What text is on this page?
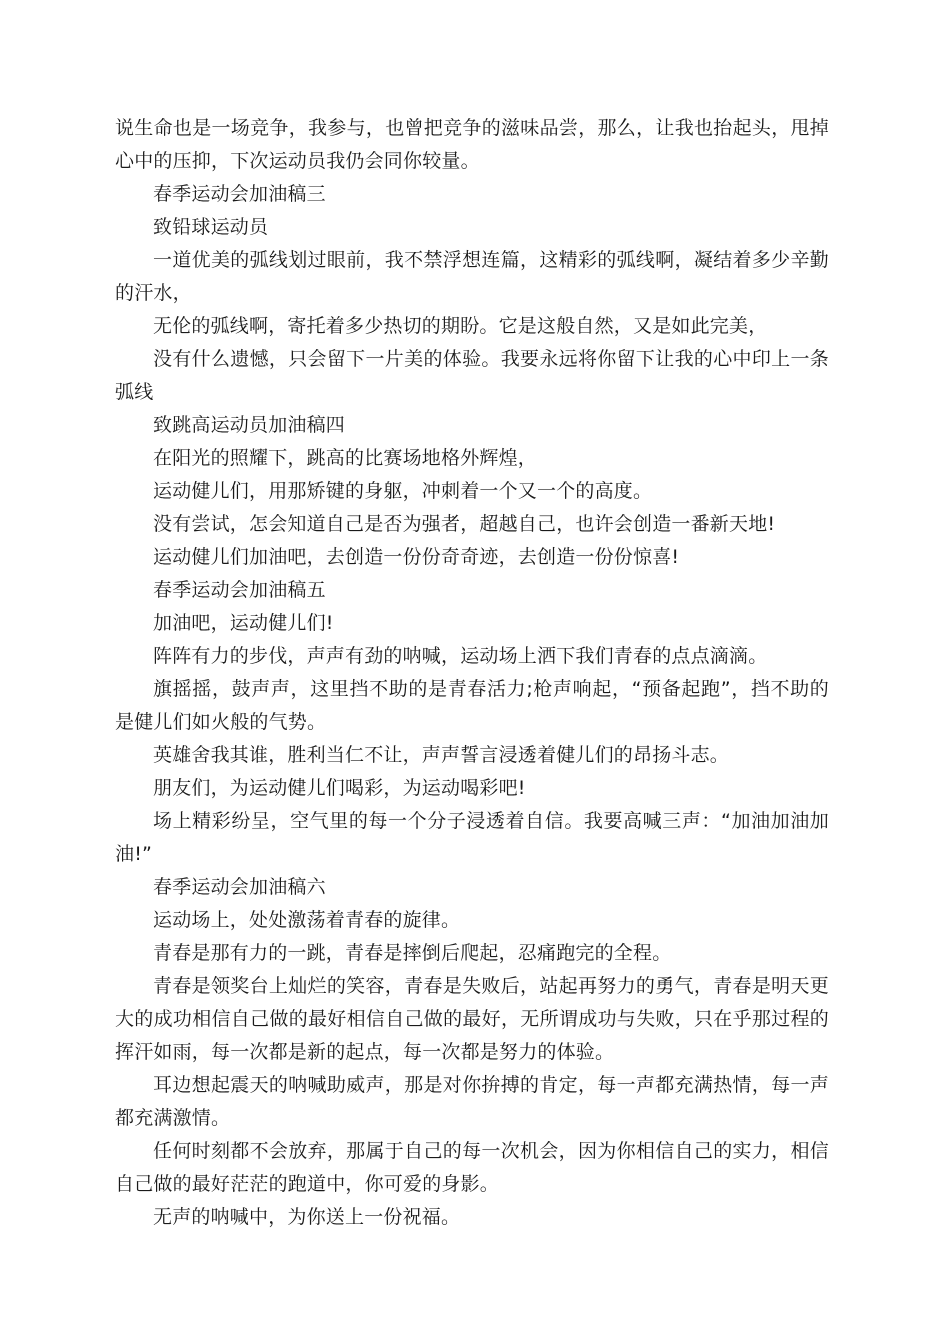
说生命也是一场竞争，我参与，也曾把竞争的滋味品尝，那么，让我也抬起头，甩掉心中的压抑，下次运动员我仍会同你较量。

春季运动会加油稿三

致铅球运动员

一道优美的弧线划过眼前，我不禁浮想连篇，这精彩的弧线啊，凝结着多少辛勤的汗水，

无伦的弧线啊，寄托着多少热切的期盼。它是这般自然，又是如此完美，

没有什么遗憾，只会留下一片美的体验。我要永远将你留下让我的心中印上一条弧线

致跳高运动员加油稿四

在阳光的照耀下，跳高的比赛场地格外辉煌，

运动健儿们，用那矫键的身躯，冲刺着一个又一个的高度。

没有尝试，怎会知道自己是否为强者，超越自己，也许会创造一番新天地!

运动健儿们加油吧，去创造一份份奇奇迹，去创造一份份惊喜!

春季运动会加油稿五

加油吧，运动健儿们!

阵阵有力的步伐，声声有劲的呐喊，运动场上洒下我们青春的点点滴滴。

旗摇摇，鼓声声，这里挡不助的是青春活力;枪声响起，“预备起跑”，挡不助的是健儿们如火般的气势。

英雄舍我其谁，胜利当仁不让，声声誓言浸透着健儿们的昂扬斗志。

朋友们，为运动健儿们喝彩，为运动喝彩吧!

场上精彩纷呈，空气里的每一个分子浸透着自信。我要高喊三声：“加油加油加油!”

春季运动会加油稿六

运动场上，处处激荡着青春的旋律。

青春是那有力的一跳，青春是摔倒后爬起，忍痛跑完的全程。

青春是领奖台上灿烂的笑容，青春是失败后，站起再努力的勇气，青春是明天更大的成功相信自己做的最好相信自己做的最好，无所谓成功与失败，只在乎那过程的挥汗如雨，每一次都是新的起点，每一次都是努力的体验。

耳边想起震天的呐喊助威声，那是对你拚搏的肯定，每一声都充满热情，每一声都充满激情。

任何时刻都不会放弃，那属于自己的每一次机会，因为你相信自己的实力，相信自己做的最好茫茫的跑道中，你可爱的身影。

无声的呐喊中，为你送上一份祝福。
